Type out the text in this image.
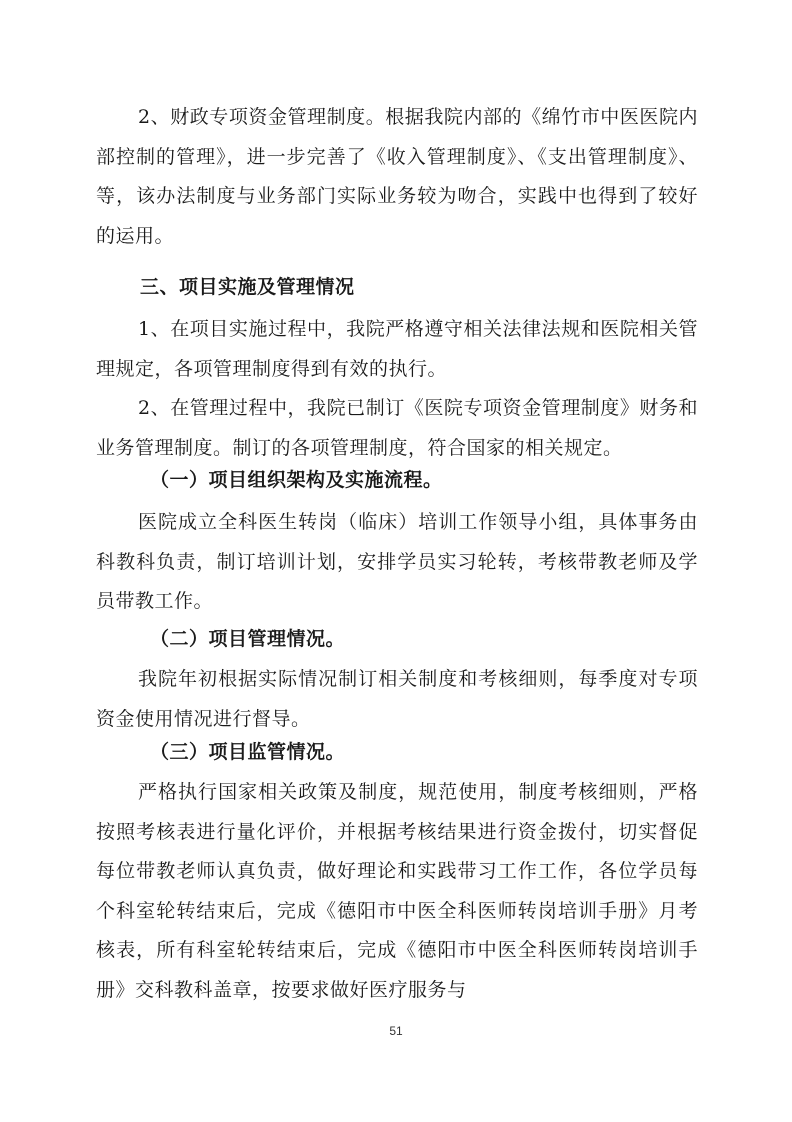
2、财政专项资金管理制度。根据我院内部的《绵竹市中医医院内部控制的管理》，进一步完善了《收入管理制度》、《支出管理制度》、等，该办法制度与业务部门实际业务较为吻合，实践中也得到了较好的运用。

三、项目实施及管理情况

1、在项目实施过程中，我院严格遵守相关法律法规和医院相关管理规定，各项管理制度得到有效的执行。

2、在管理过程中，我院已制订《医院专项资金管理制度》财务和业务管理制度。制订的各项管理制度，符合国家的相关规定。

（一）项目组织架构及实施流程。

医院成立全科医生转岗（临床）培训工作领导小组，具体事务由科教科负责，制订培训计划，安排学员实习轮转，考核带教老师及学员带教工作。

（二）项目管理情况。

我院年初根据实际情况制订相关制度和考核细则，每季度对专项资金使用情况进行督导。

（三）项目监管情况。

严格执行国家相关政策及制度，规范使用，制度考核细则，严格按照考核表进行量化评价，并根据考核结果进行资金拨付，切实督促每位带教老师认真负责，做好理论和实践带习工作工作，各位学员每个科室轮转结束后，完成《德阳市中医全科医师转岗培训手册》月考核表，所有科室轮转结束后，完成《德阳市中医全科医师转岗培训手册》交科教科盖章，按要求做好医疗服务与

51
